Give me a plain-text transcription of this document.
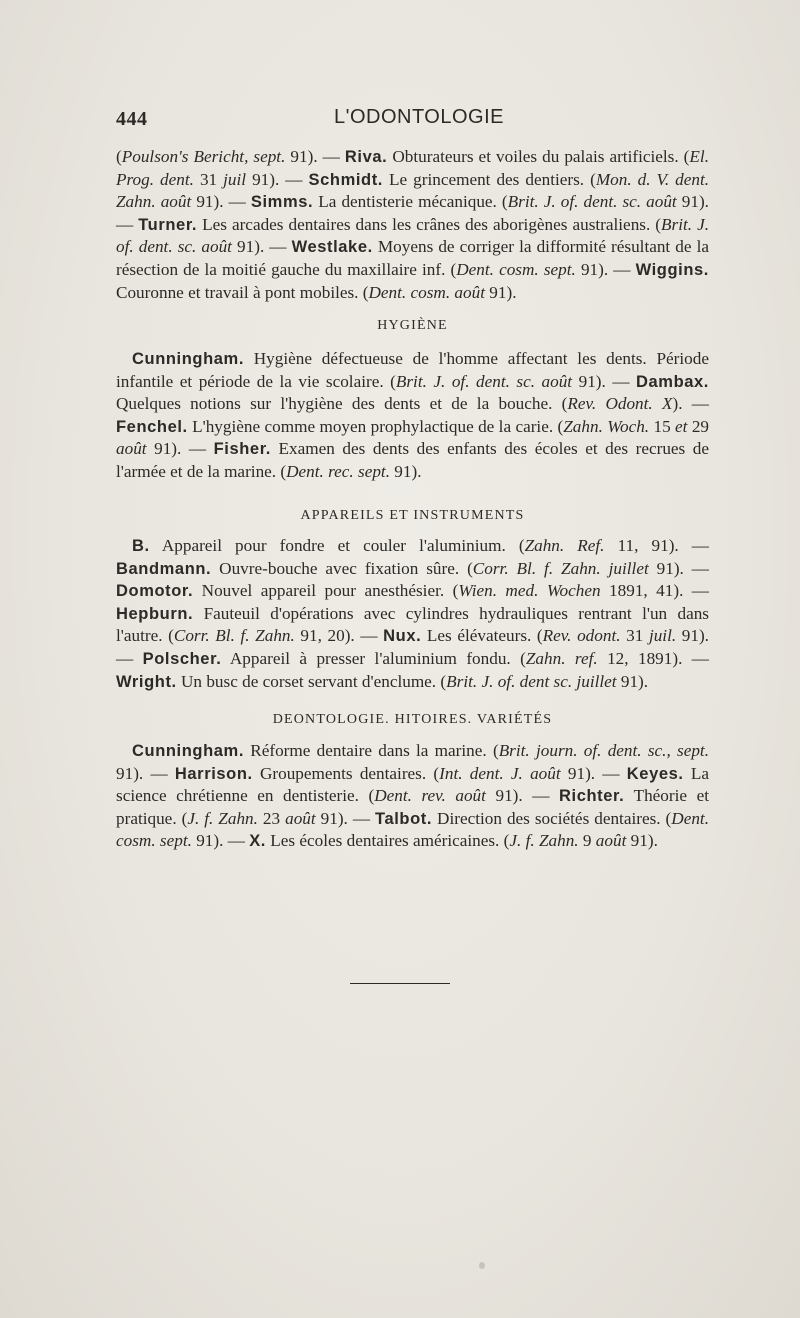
444	L'ODONTOLOGIE

(Poulson's Bericht, sept. 91). — Riva. Obturateurs et voiles du palais artificiels. (El. Prog. dent. 31 juil 91). — Schmidt. Le grincement des dentiers. (Mon. d. V. dent. Zahn. août 91). — Simms. La dentisterie mécanique. (Brit. J. of. dent. sc. août 91). — Turner. Les arcades dentaires dans les crânes des aborigènes australiens. (Brit. J. of. dent. sc. août 91). — Westlake. Moyens de corriger la difformité résultant de la résection de la moitié gauche du maxillaire inf. (Dent. cosm. sept. 91). — Wiggins. Couronne et travail à pont mobiles. (Dent. cosm. août 91).

HYGIÈNE

Cunningham. Hygiène défectueuse de l'homme affectant les dents. Période infantile et période de la vie scolaire. (Brit. J. of. dent. sc. août 91). — Dambax. Quelques notions sur l'hygiène des dents et de la bouche. (Rev. Odont. X). — Fenchel. L'hygiène comme moyen prophylactique de la carie. (Zahn. Woch. 15 et 29 août 91). — Fisher. Examen des dents des enfants des écoles et des recrues de l'armée et de la marine. (Dent. rec. sept. 91).

APPAREILS ET INSTRUMENTS

B. Appareil pour fondre et couler l'aluminium. (Zahn. Ref. 11, 91). — Bandmann. Ouvre-bouche avec fixation sûre. (Corr. Bl. f. Zahn. juillet 91). — Domotor. Nouvel appareil pour anesthésier. (Wien. med. Wochen 1891, 41). — Hepburn. Fauteuil d'opérations avec cylindres hydrauliques rentrant l'un dans l'autre. (Corr. Bl. f. Zahn. 91, 20). — Nux. Les élévateurs. (Rev. odont. 31 juil. 91). — Polscher. Appareil à presser l'aluminium fondu. (Zahn. ref. 12, 1891). — Wright. Un busc de corset servant d'enclume. (Brit. J. of. dent sc. juillet 91).

DEONTOLOGIE. HITOIRES. VARIÉTÉS

Cunningham. Réforme dentaire dans la marine. (Brit. journ. of. dent. sc., sept. 91). — Harrison. Groupements dentaires. (Int. dent. J. août 91). — Keyes. La science chrétienne en dentisterie. (Dent. rev. août 91). — Richter. Théorie et pratique. (J. f. Zahn. 23 août 91). — Talbot. Direction des sociétés dentaires. (Dent. cosm. sept. 91). — X. Les écoles dentaires américaines. (J. f. Zahn. 9 août 91).
